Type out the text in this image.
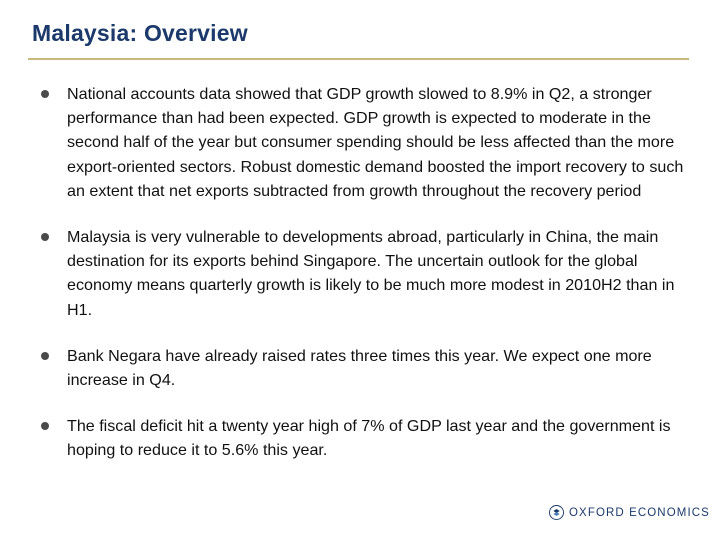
Malaysia: Overview
National accounts data showed that GDP growth slowed to 8.9% in Q2, a stronger performance than had been expected. GDP growth is expected to moderate in the second half of the year but consumer spending should be less affected than the more export-oriented sectors. Robust domestic demand boosted the import recovery to such an extent that net exports subtracted from growth throughout the recovery period
Malaysia is very vulnerable to developments abroad, particularly in China, the main destination for its exports behind Singapore. The uncertain outlook for the global economy means quarterly growth is likely to be much more modest in 2010H2 than in H1.
Bank Negara have already raised rates three times this year. We expect one more increase in Q4.
The fiscal deficit hit a twenty year high of 7% of GDP last year and the government is hoping to reduce it to 5.6% this year.
OXFORD ECONOMICS
